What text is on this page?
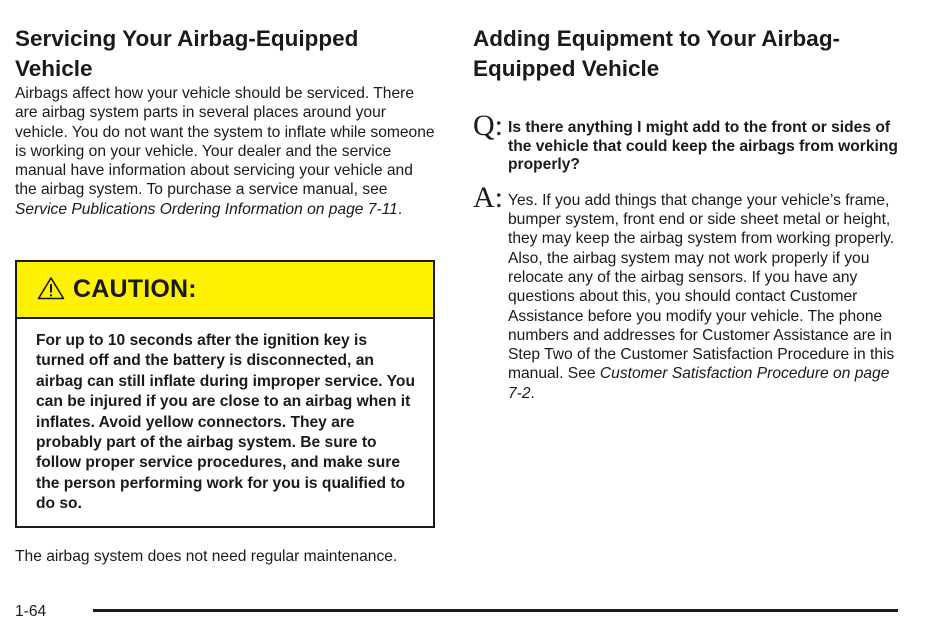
Servicing Your Airbag-Equipped Vehicle

Airbags affect how your vehicle should be serviced. There are airbag system parts in several places around your vehicle. You do not want the system to inflate while someone is working on your vehicle. Your dealer and the service manual have information about servicing your vehicle and the airbag system. To purchase a service manual, see Service Publications Ordering Information on page 7-11.

CAUTION:
For up to 10 seconds after the ignition key is turned off and the battery is disconnected, an airbag can still inflate during improper service. You can be injured if you are close to an airbag when it inflates. Avoid yellow connectors. They are probably part of the airbag system. Be sure to follow proper service procedures, and make sure the person performing work for you is qualified to do so.

The airbag system does not need regular maintenance.

Adding Equipment to Your Airbag-Equipped Vehicle
Q: Is there anything I might add to the front or sides of the vehicle that could keep the airbags from working properly?
A: Yes. If you add things that change your vehicle’s frame, bumper system, front end or side sheet metal or height, they may keep the airbag system from working properly. Also, the airbag system may not work properly if you relocate any of the airbag sensors. If you have any questions about this, you should contact Customer Assistance before you modify your vehicle. The phone numbers and addresses for Customer Assistance are in Step Two of the Customer Satisfaction Procedure in this manual. See Customer Satisfaction Procedure on page 7-2.
1-64
